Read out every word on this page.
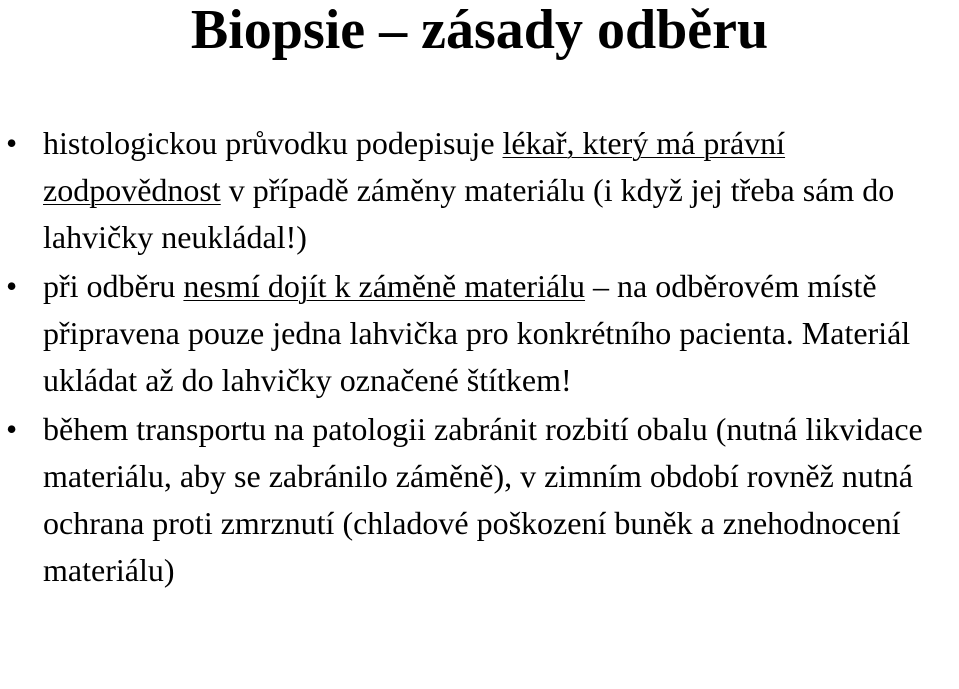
Biopsie – zásady odběru
• histologickou průvodku podepisuje lékař, který má právní zodpovědnost v případě záměny materiálu (i když jej třeba sám do lahvičky neukládal!)
• při odběru nesmí dojít k záměně materiálu – na odběrovém místě připravena pouze jedna lahvička pro konkrétního pacienta. Materiál ukládat až do lahvičky označené štítkem!
• během transportu na patologii zabránit rozbití obalu (nutná likvidace materiálu, aby se zabránilo záměně), v zimním období rovněž nutná ochrana proti zmrznutí (chladové poškození buněk a znehodnocení materiálu)
